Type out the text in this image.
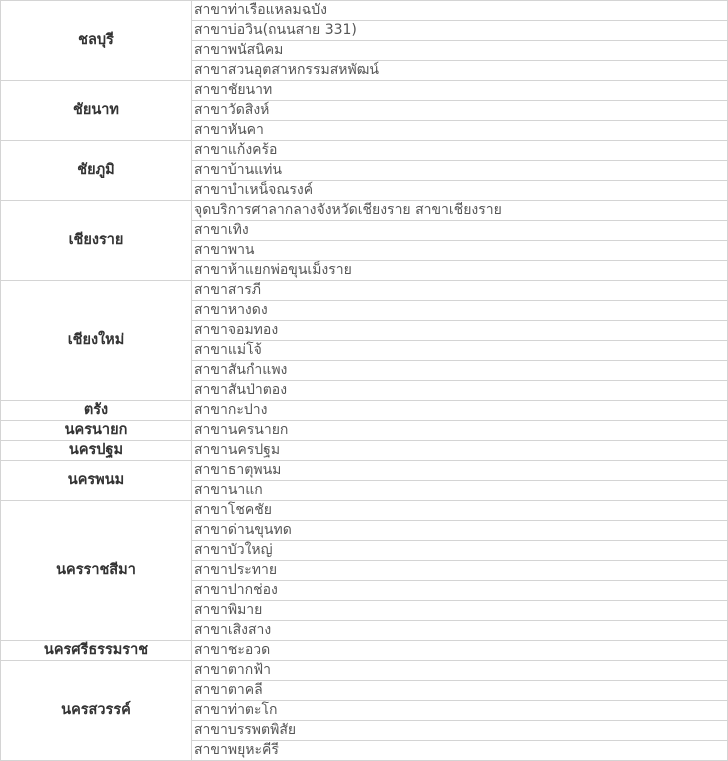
ชลบุรี	สาขาท่าเรือแหลมฉบัง
	สาขาบ่อวิน(ถนนสาย 331)
	สาขาพนัสนิคม
	สาขาสวนอุตสาหกรรมสหพัฒน์
ชัยนาท	สาขาชัยนาท
	สาขาวัดสิงห์
	สาขาหันคา
ชัยภูมิ	สาขาแก้งคร้อ
	สาขาบ้านแท่น
	สาขาบำเหน็จณรงค์
เชียงราย	จุดบริการศาลากลางจังหวัดเชียงราย สาขาเชียงราย
	สาขาเทิง
	สาขาพาน
	สาขาห้าแยกพ่อขุนเม็งราย
เชียงใหม่	สาขาสารภี
	สาขาหางดง
	สาขาจอมทอง
	สาขาแม่โจ้
	สาขาสันกำแพง
	สาขาสันป่าตอง
ตรัง	สาขากะปาง
นครนายก	สาขานครนายก
นครปฐม	สาขานครปฐม
นครพนม	สาขาธาตุพนม
	สาขานาแก
นครราชสีมา	สาขาโชคชัย
	สาขาด่านขุนทด
	สาขาบัวใหญ่
	สาขาประทาย
	สาขาปากช่อง
	สาขาพิมาย
	สาขาเสิงสาง
นครศรีธรรมราช	สาขาชะอวด
นครสวรรค์	สาขาตากฟ้า
	สาขาตาคลี
	สาขาท่าตะโก
	สาขาบรรพตพิสัย
	สาขาพยุหะคีรี
